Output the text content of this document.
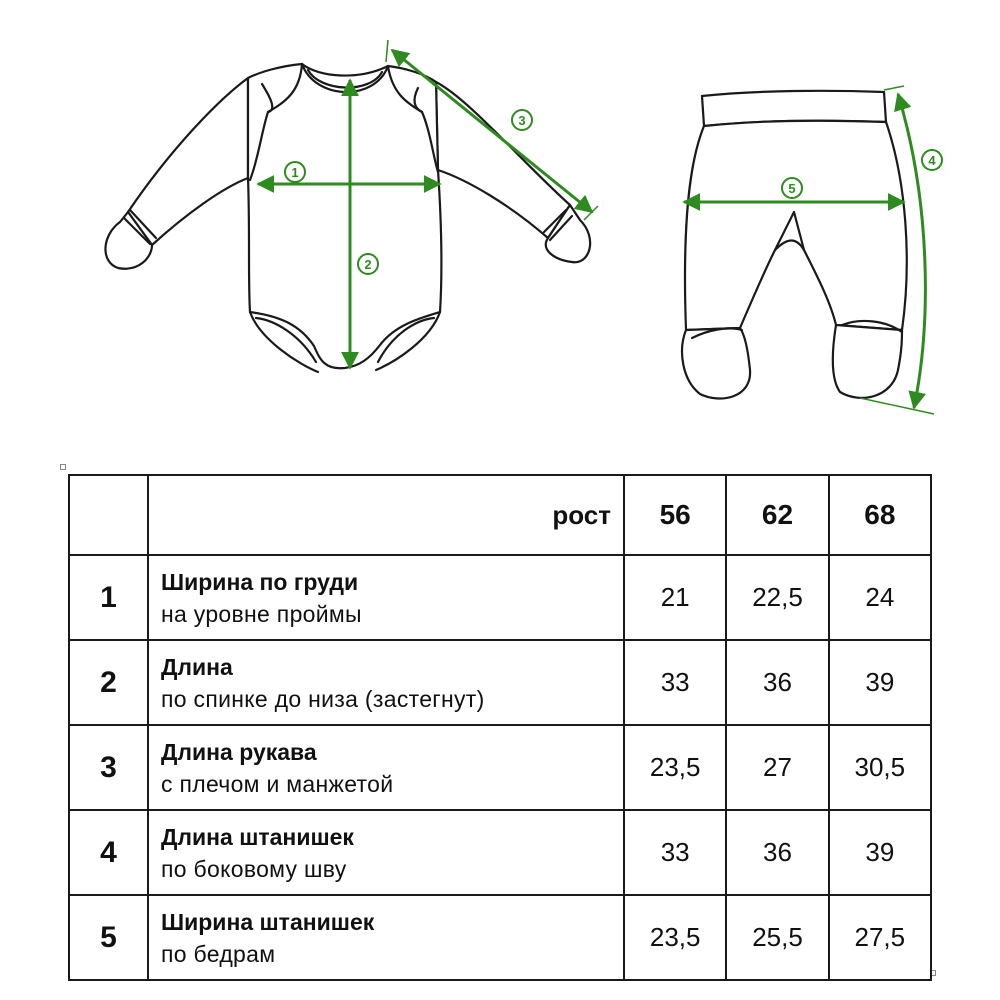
1
2
3
4
5
	рост	56	62	68
1	Ширина по груди
на уровне проймы	21	22,5	24
2	Длина
по спинке до низа (застегнут)	33	36	39
3	Длина рукава
с плечом и манжетой	23,5	27	30,5
4	Длина штанишек
по боковому шву	33	36	39
5	Ширина штанишек
по бедрам	23,5	25,5	27,5
